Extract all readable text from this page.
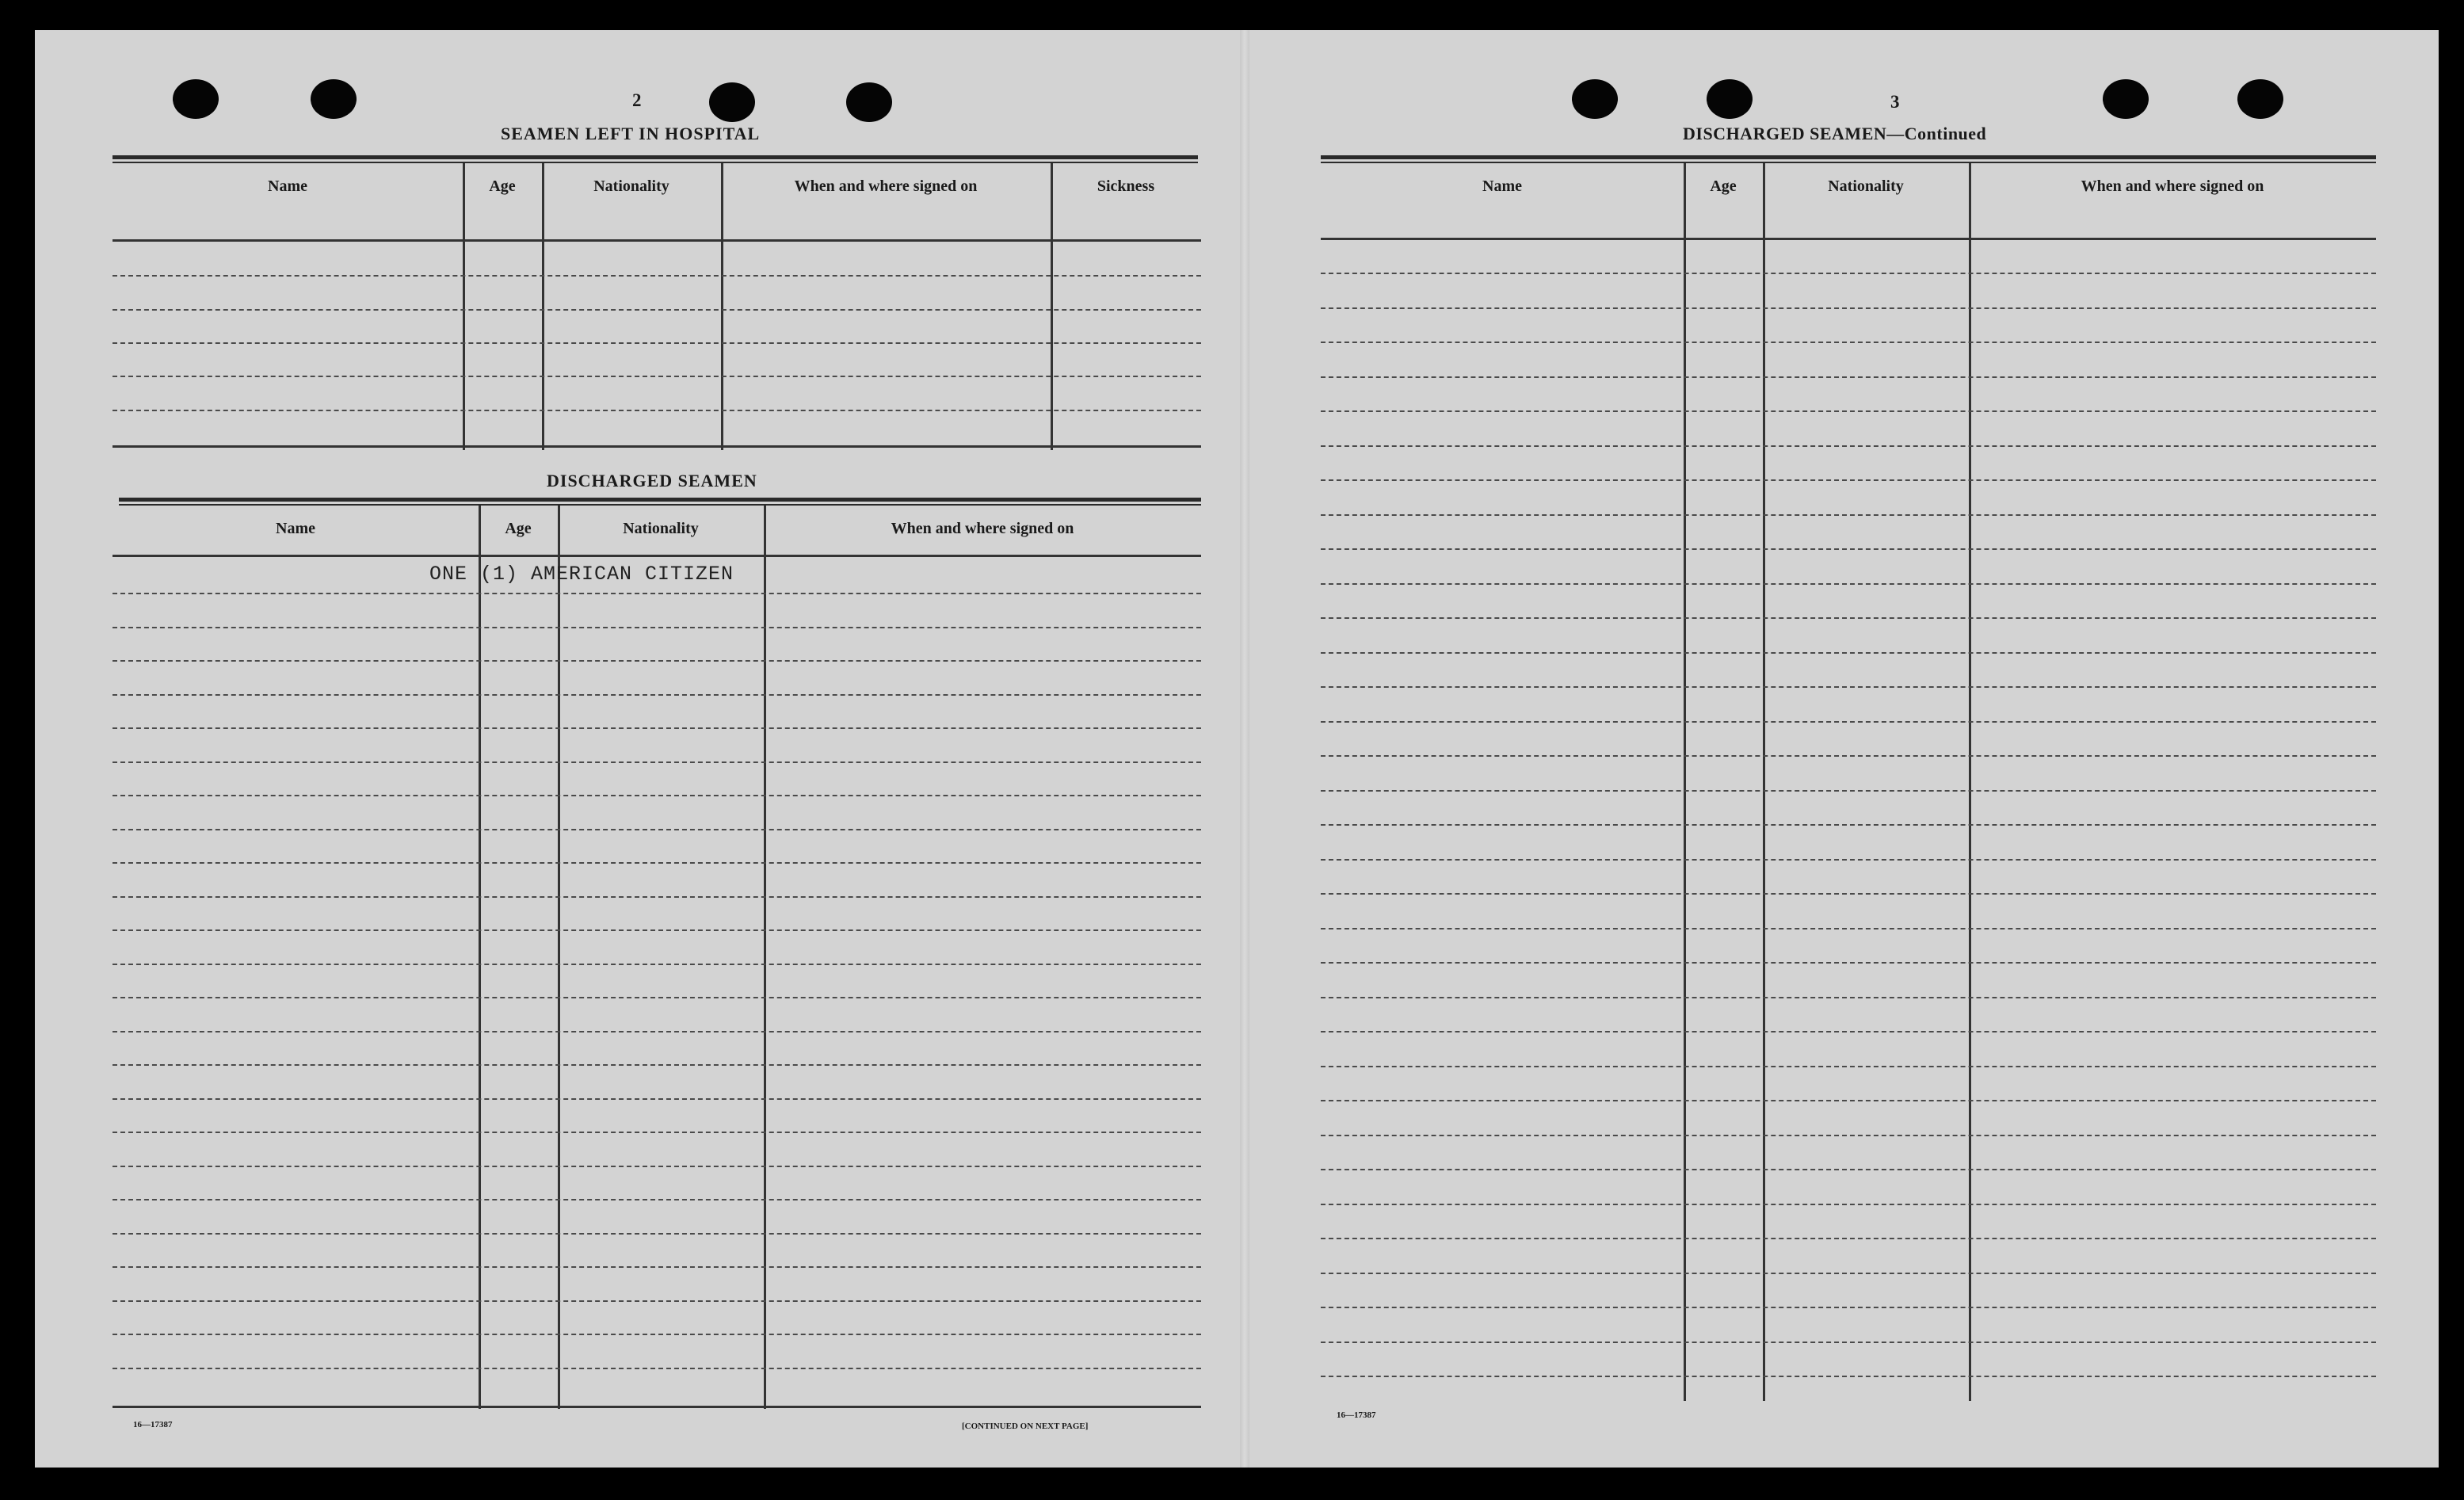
2
SEAMEN LEFT IN HOSPITAL
Name	Age	Nationality	When and where signed on	Sickness
DISCHARGED SEAMEN
Name	Age	Nationality	When and where signed on
ONE (1) AMERICAN CITIZEN
16—17387	[CONTINUED ON NEXT PAGE]
3
DISCHARGED SEAMEN—Continued
Name	Age	Nationality	When and where signed on
16—17387
